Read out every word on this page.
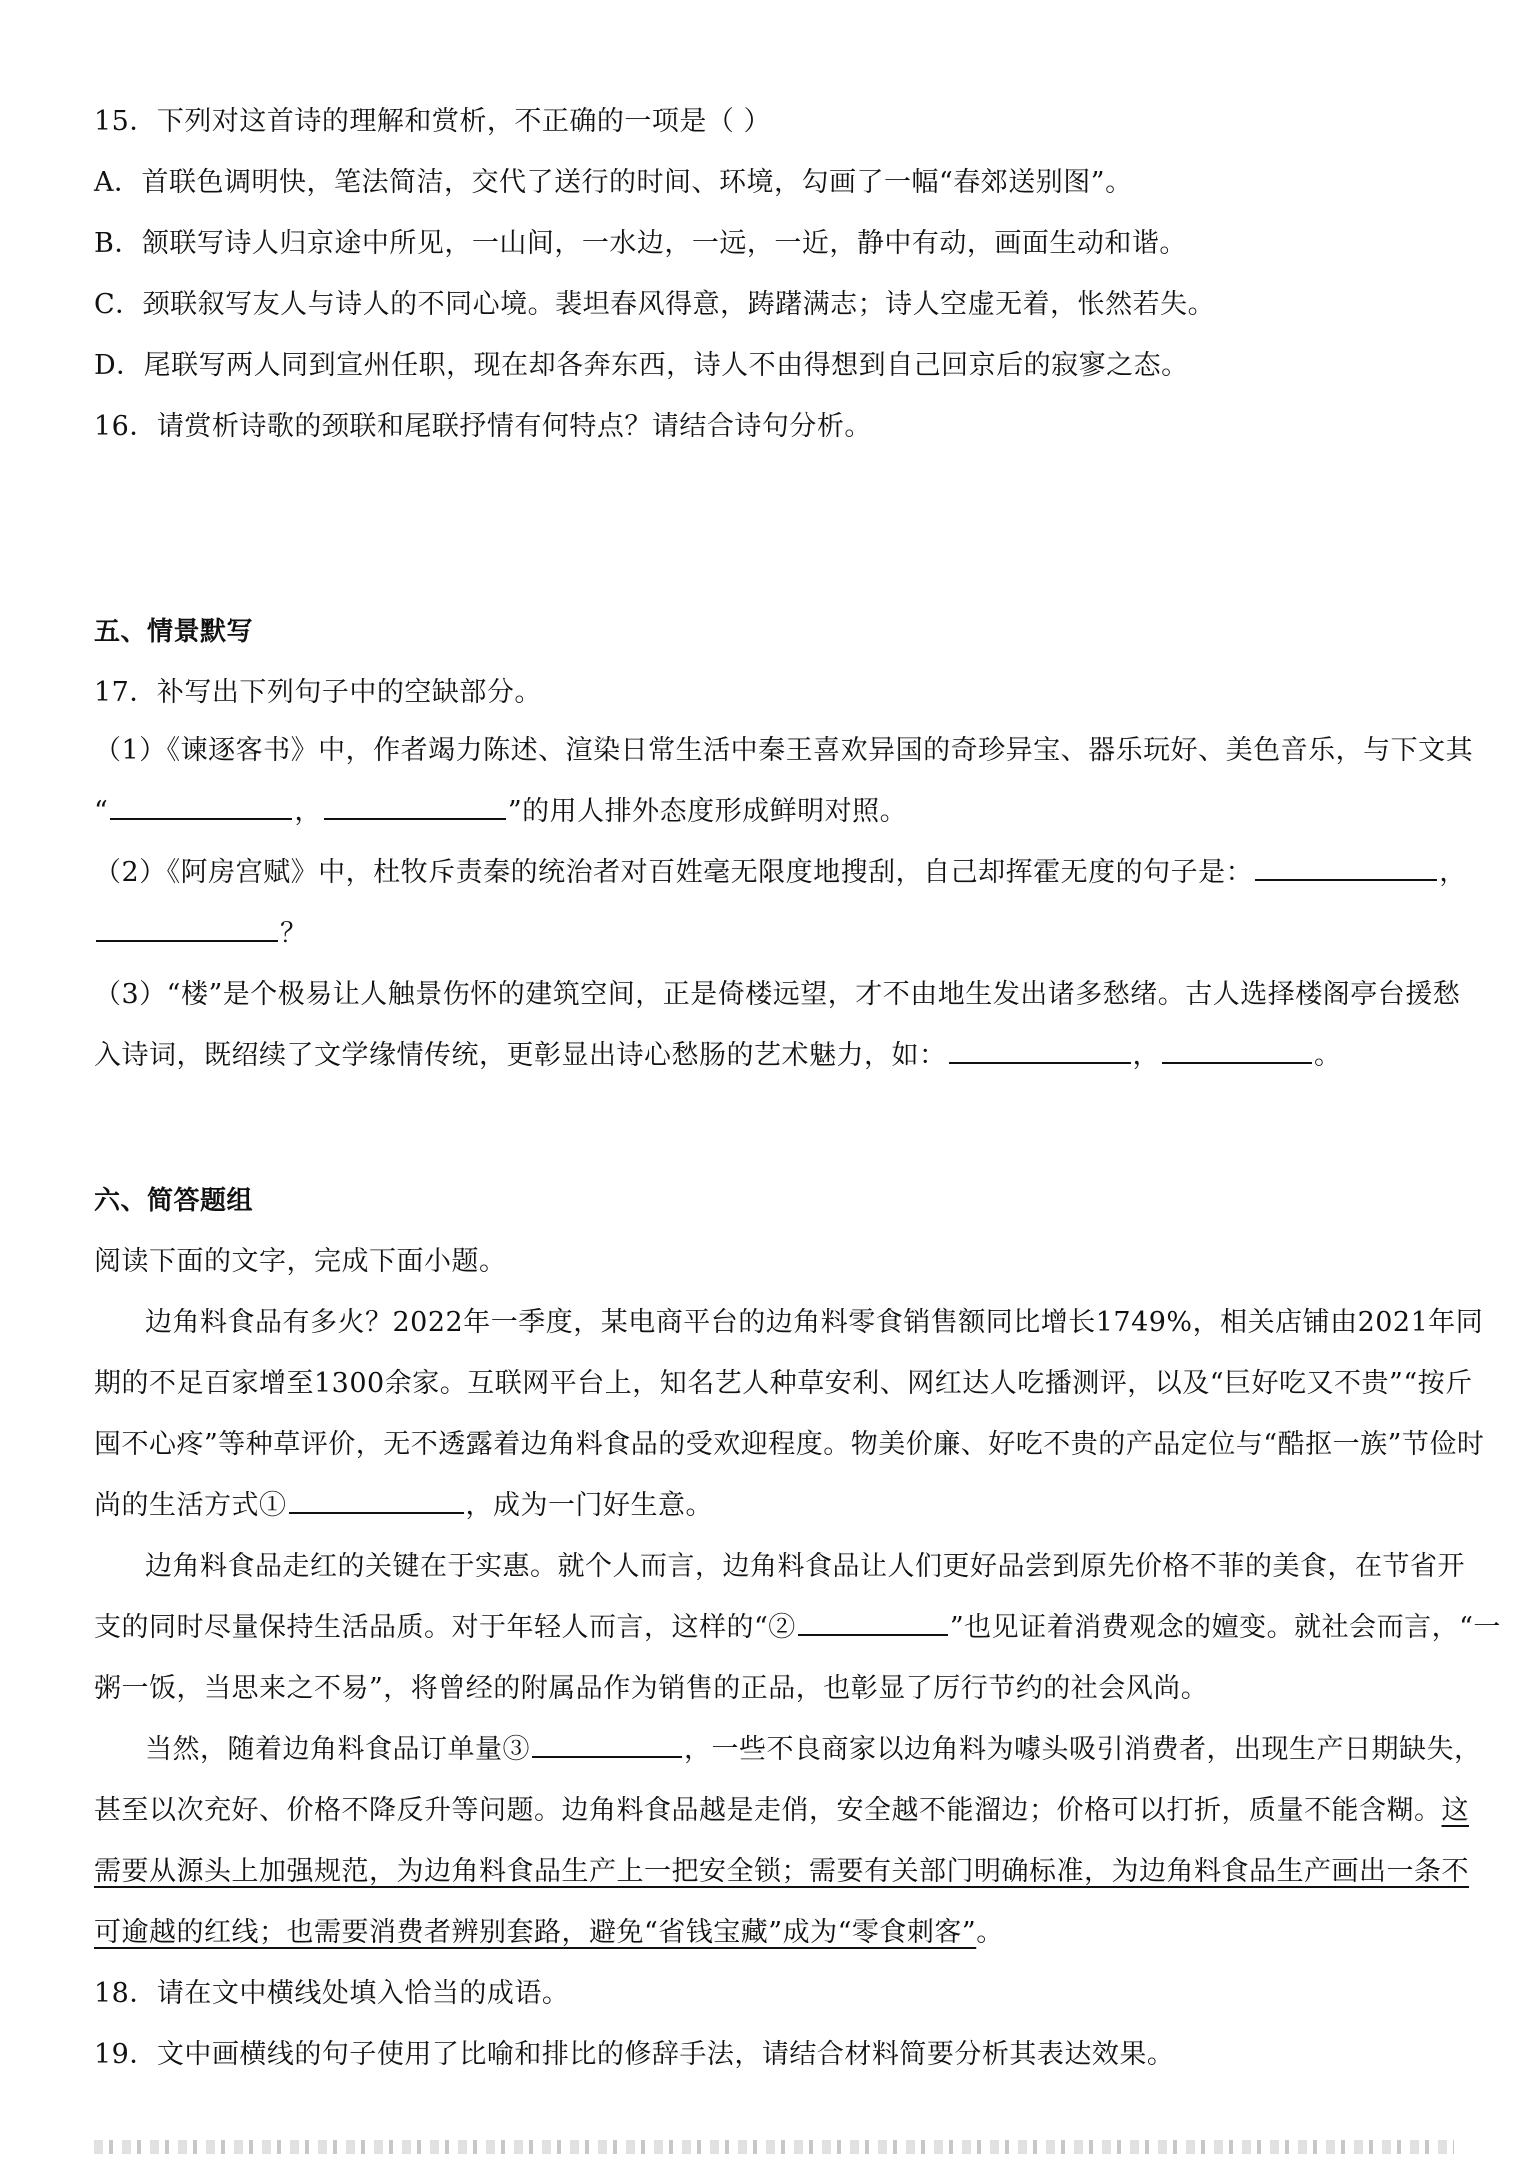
15．下列对这首诗的理解和赏析，不正确的一项是（ ）
A．首联色调明快，笔法简洁，交代了送行的时间、环境，勾画了一幅“春郊送别图”。
B．颔联写诗人归京途中所见，一山间，一水边，一远，一近，静中有动，画面生动和谐。
C．颈联叙写友人与诗人的不同心境。裴坦春风得意，踌躇满志；诗人空虚无着，怅然若失。
D．尾联写两人同到宣州任职，现在却各奔东西，诗人不由得想到自己回京后的寂寥之态。
16．请赏析诗歌的颈联和尾联抒情有何特点？请结合诗句分析。
五、情景默写
17．补写出下列句子中的空缺部分。
（1）《谏逐客书》中，作者竭力陈述、渲染日常生活中秦王喜欢异国的奇珍异宝、器乐玩好、美色音乐，与下文其
“	，	”的用人排外态度形成鲜明对照。
（2）《阿房宫赋》中，杜牧斥责秦的统治者对百姓毫无限度地搜刮，自己却挥霍无度的句子是：	，
？
（3）“楼”是个极易让人触景伤怀的建筑空间，正是倚楼远望，才不由地生发出诸多愁绪。古人选择楼阁亭台援愁
入诗词，既绍续了文学缘情传统，更彰显出诗心愁肠的艺术魅力，如：	，	。
六、简答题组
阅读下面的文字，完成下面小题。
边角料食品有多火？2022年一季度，某电商平台的边角料零食销售额同比增长1749%，相关店铺由2021年同
期的不足百家增至1300余家。互联网平台上，知名艺人种草安利、网红达人吃播测评，以及“巨好吃又不贵”“按斤
囤不心疼”等种草评价，无不透露着边角料食品的受欢迎程度。物美价廉、好吃不贵的产品定位与“酷抠一族”节俭时
尚的生活方式①	，成为一门好生意。
边角料食品走红的关键在于实惠。就个人而言，边角料食品让人们更好品尝到原先价格不菲的美食，在节省开
支的同时尽量保持生活品质。对于年轻人而言，这样的“②	”也见证着消费观念的嬗变。就社会而言，“一
粥一饭，当思来之不易”，将曾经的附属品作为销售的正品，也彰显了厉行节约的社会风尚。
当然，随着边角料食品订单量③	，一些不良商家以边角料为噱头吸引消费者，出现生产日期缺失，
甚至以次充好、价格不降反升等问题。边角料食品越是走俏，安全越不能溜边；价格可以打折，质量不能含糊。这
需要从源头上加强规范，为边角料食品生产上一把安全锁；需要有关部门明确标准，为边角料食品生产画出一条不
可逾越的红线；也需要消费者辨别套路，避免“省钱宝藏”成为“零食刺客”。
18．请在文中横线处填入恰当的成语。
19．文中画横线的句子使用了比喻和排比的修辞手法，请结合材料简要分析其表达效果。
